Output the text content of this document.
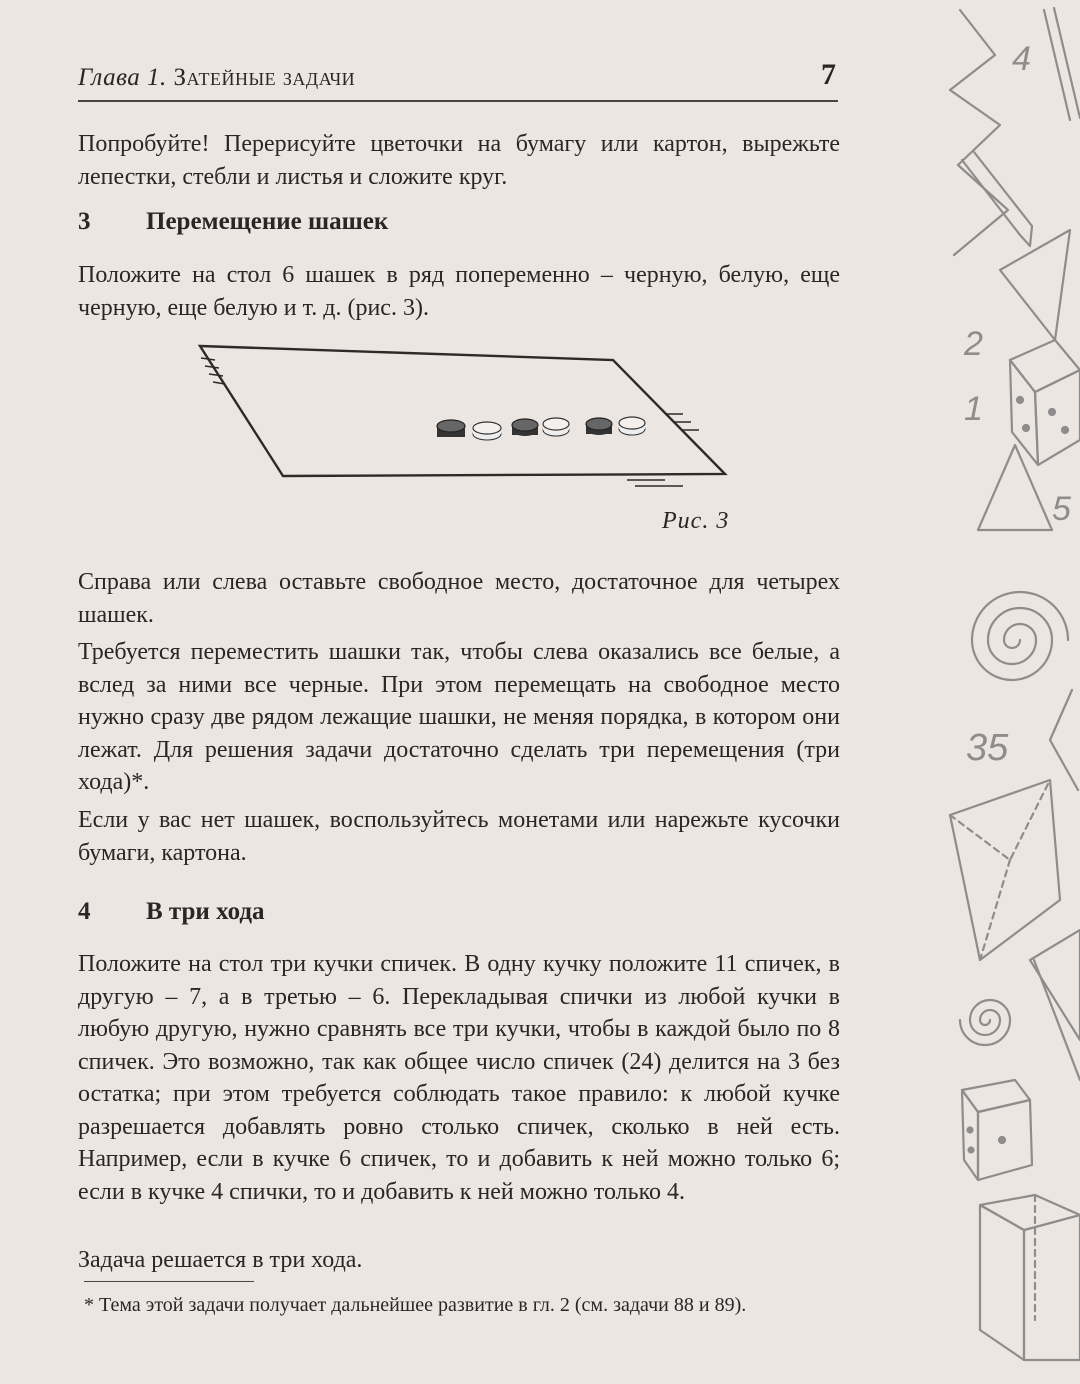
Глава 1. Затейные задачи	7

Попробуйте! Перерисуйте цветочки на бумагу или картон, вырежьте лепестки, стебли и листья и сложите круг.

3 Перемещение шашек

Положите на стол 6 шашек в ряд попеременно – черную, белую, еще черную, еще белую и т. д. (рис. 3).

Рис. 3

Справа или слева оставьте свободное место, достаточное для четырех шашек.

Требуется переместить шашки так, чтобы слева оказались все белые, а вслед за ними все черные. При этом перемещать на свободное место нужно сразу две рядом лежащие шашки, не меняя порядка, в котором они лежат. Для решения задачи достаточно сделать три перемещения (три хода)*.

Если у вас нет шашек, воспользуйтесь монетами или нарежьте кусочки бумаги, картона.

4 В три хода

Положите на стол три кучки спичек. В одну кучку положите 11 спичек, в другую – 7, а в третью – 6. Перекладывая спички из любой кучки в любую другую, нужно сравнять все три кучки, чтобы в каждой было по 8 спичек. Это возможно, так как общее число спичек (24) делится на 3 без остатка; при этом требуется соблюдать такое правило: к любой кучке разрешается добавлять ровно столько спичек, сколько в ней есть. Например, если в кучке 6 спичек, то и добавить к ней можно только 6; если в кучке 4 спички, то и добавить к ней можно только 4.

Задача решается в три хода.

* Тема этой задачи получает дальнейшее развитие в гл. 2 (см. задачи 88 и 89).
4
2
1
5
35
